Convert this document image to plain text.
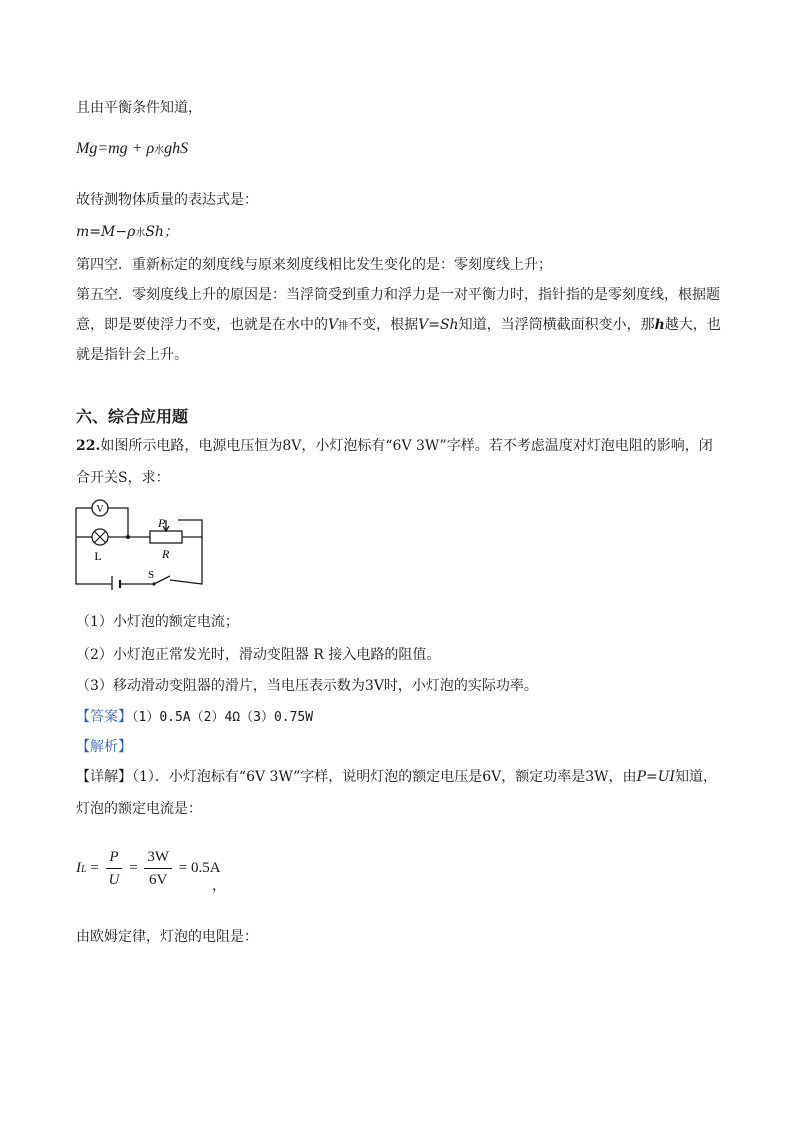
且由平衡条件知道，
Mg=mg + ρ水ghS
故待测物体质量的表达式是：
m=M−ρ水Sh；
第四空．重新标定的刻度线与原来刻度线相比发生变化的是：零刻度线上升；
第五空．零刻度线上升的原因是：当浮筒受到重力和浮力是一对平衡力时，指针指的是零刻度线，根据题
意，即是要使浮力不变，也就是在水中的V排不变，根据V=Sh知道，当浮筒横截面积变小，那h越大，也
就是指针会上升。
六、综合应用题
22.如图所示电路，电源电压恒为8V，小灯泡标有“6V 3W”字样。若不考虑温度对灯泡电阻的影响，闭
合开关S，求：
V
L
P
R
S
（1）小灯泡的额定电流；
（2）小灯泡正常发光时，滑动变阻器 R 接入电路的阻值。
（3）移动滑动变阻器的滑片，当电压表示数为3V时，小灯泡的实际功率。
【答案】（1）0.5A（2）4Ω（3）0.75W
【解析】
【详解】（1）．小灯泡标有“6V 3W”字样，说明灯泡的额定电压是6V，额定功率是3W，由P=UI知道，
灯泡的额定电流是：
IL = $\frac{P}{U} = \frac{3W}{6V} = 0.5A$
，
由欧姆定律，灯泡的电阻是：
